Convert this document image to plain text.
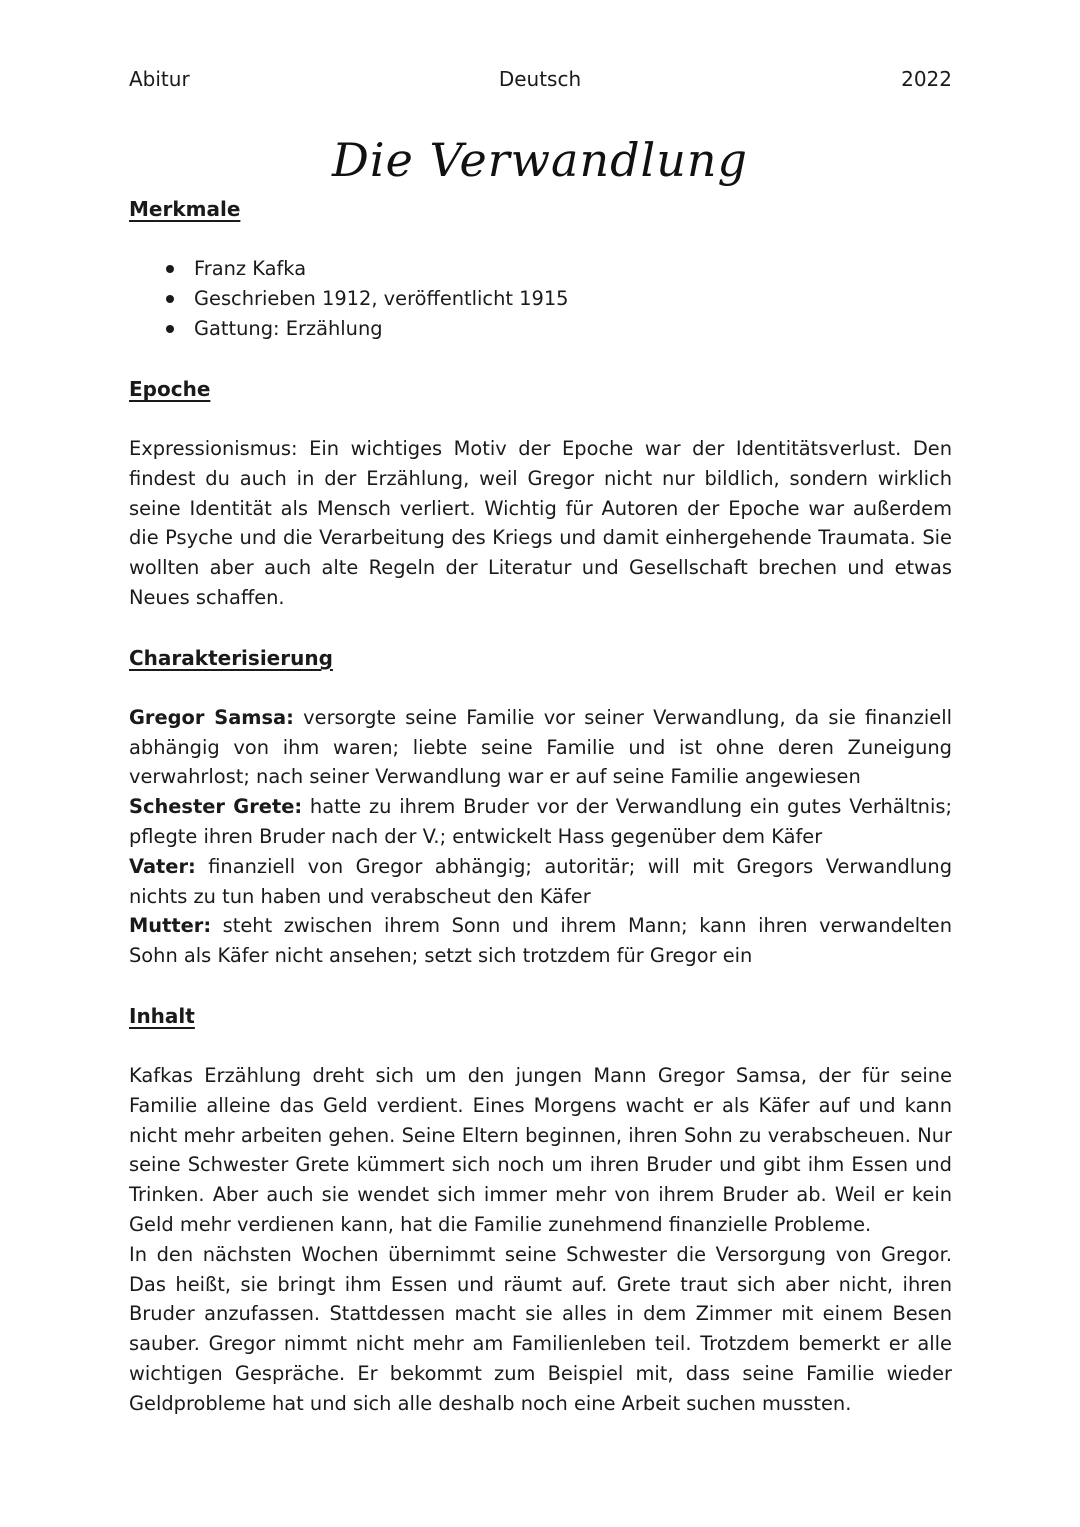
Abitur	Deutsch	2022
Die Verwandlung
Merkmale
Franz Kafka
Geschrieben 1912, veröffentlicht 1915
Gattung: Erzählung
Epoche

Expressionismus: Ein wichtiges Motiv der Epoche war der Identitätsverlust. Den findest du auch in der Erzählung, weil Gregor nicht nur bildlich, sondern wirklich seine Identität als Mensch verliert. Wichtig für Autoren der Epoche war außerdem die Psyche und die Verarbeitung des Kriegs und damit einhergehende Traumata. Sie wollten aber auch alte Regeln der Literatur und Gesellschaft brechen und etwas Neues schaffen.

Charakterisierung

Gregor Samsa: versorgte seine Familie vor seiner Verwandlung, da sie finanziell abhängig von ihm waren; liebte seine Familie und ist ohne deren Zuneigung verwahrlost; nach seiner Verwandlung war er auf seine Familie angewiesen

Schester Grete: hatte zu ihrem Bruder vor der Verwandlung ein gutes Verhältnis; pflegte ihren Bruder nach der V.; entwickelt Hass gegenüber dem Käfer

Vater: finanziell von Gregor abhängig; autoritär; will mit Gregors Verwandlung nichts zu tun haben und verabscheut den Käfer

Mutter: steht zwischen ihrem Sonn und ihrem Mann; kann ihren verwandelten Sohn als Käfer nicht ansehen; setzt sich trotzdem für Gregor ein

Inhalt

Kafkas Erzählung dreht sich um den jungen Mann Gregor Samsa, der für seine Familie alleine das Geld verdient. Eines Morgens wacht er als Käfer auf und kann nicht mehr arbeiten gehen. Seine Eltern beginnen, ihren Sohn zu verabscheuen. Nur seine Schwester Grete kümmert sich noch um ihren Bruder und gibt ihm Essen und Trinken. Aber auch sie wendet sich immer mehr von ihrem Bruder ab. Weil er kein Geld mehr verdienen kann, hat die Familie zunehmend finanzielle Probleme.

In den nächsten Wochen übernimmt seine Schwester die Versorgung von Gregor. Das heißt, sie bringt ihm Essen und räumt auf. Grete traut sich aber nicht, ihren Bruder anzufassen. Stattdessen macht sie alles in dem Zimmer mit einem Besen sauber. Gregor nimmt nicht mehr am Familienleben teil. Trotzdem bemerkt er alle wichtigen Gespräche. Er bekommt zum Beispiel mit, dass seine Familie wieder Geldprobleme hat und sich alle deshalb noch eine Arbeit suchen mussten.
